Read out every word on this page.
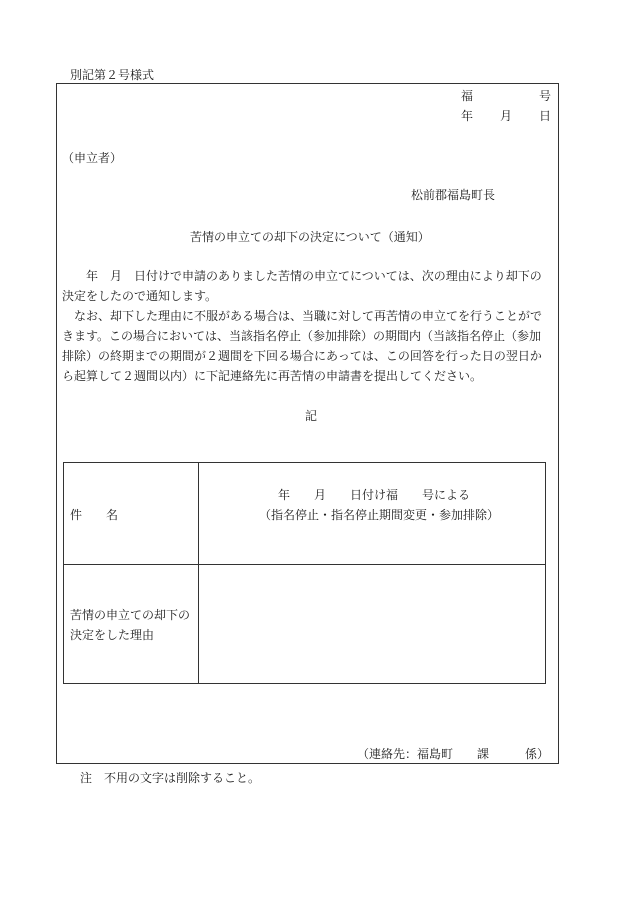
別記第２号様式
福　　　　　号
年　　月　　日
（申立者）
松前郡福島町長
苦情の申立ての却下の決定について（通知）
　　年　月　日付けで申請のありました苦情の申立てについては、次の理由により却下の決定をしたので通知します。
　なお、却下した理由に不服がある場合は、当職に対して再苦情の申立てを行うことができます。この場合においては、当該指名停止（参加排除）の期間内（当該指名停止（参加排除）の終期までの期間が２週間を下回る場合にあっては、この回答を行った日の翌日から起算して２週間以内）に下記連絡先に再苦情の申請書を提出してください。
記
件　　名
年　　月　　日付け福　　号による
（指名停止・指名停止期間変更・参加排除）
苦情の申立ての却下の決定をした理由
（連絡先：福島町　　課　　　係）
注　不用の文字は削除すること。
